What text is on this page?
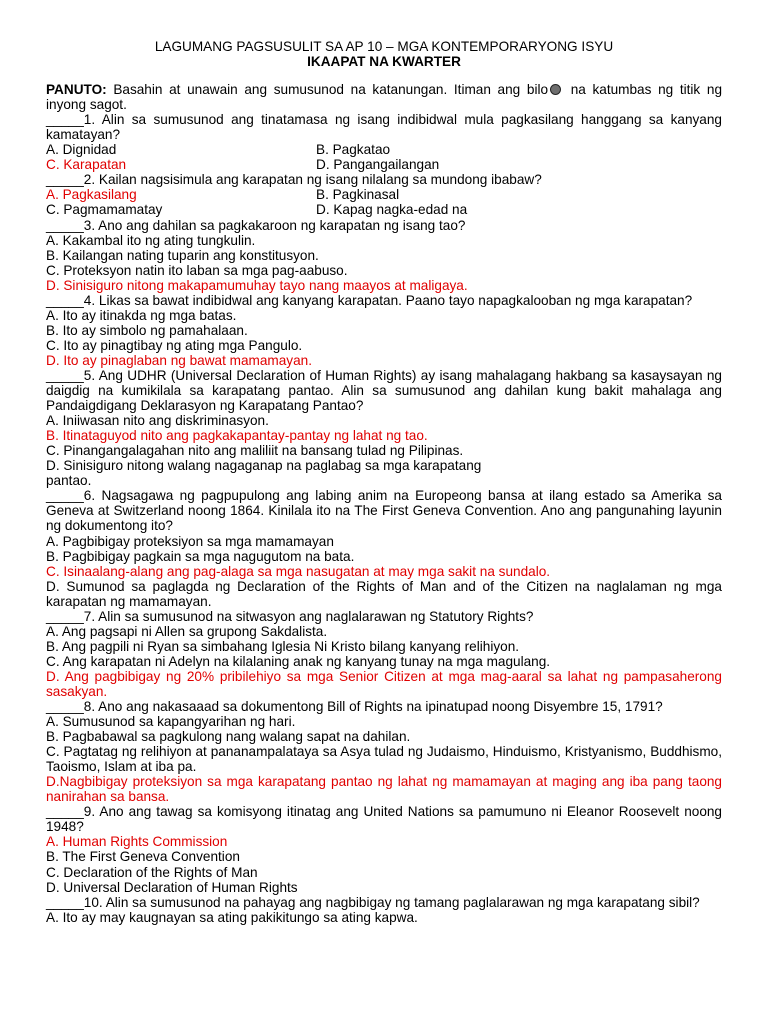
LAGUMANG PAGSUSULIT SA AP 10 – MGA KONTEMPORARYONG ISYU
IKAAPAT NA KWARTER
PANUTO: Basahin at unawain ang sumusunod na katanungan. Itiman ang bilo na katumbas ng titik ng inyong sagot.
_____1. Alin sa sumusunod ang tinatamasa ng isang indibidwal mula pagkasilang hanggang sa kanyang kamatayan?
A. Dignidad	B. Pagkatao
C. Karapatan	D. Pangangailangan
_____2. Kailan nagsisimula ang karapatan ng isang nilalang sa mundong ibabaw?
A. Pagkasilang	B. Pagkinasal
C. Pagmamamatay	D. Kapag nagka-edad na
_____3. Ano ang dahilan sa pagkakaroon ng karapatan ng isang tao?
A. Kakambal ito ng ating tungkulin.
B. Kailangan nating tuparin ang konstitusyon.
C. Proteksyon natin ito laban sa mga pag-aabuso.
D. Sinisiguro nitong makapamumuhay tayo nang maayos at maligaya.
_____4. Likas sa bawat indibidwal ang kanyang karapatan. Paano tayo napagkalooban ng mga karapatan?
A. Ito ay itinakda ng mga batas.
B. Ito ay simbolo ng pamahalaan.
C. Ito ay pinagtibay ng ating mga Pangulo.
D. Ito ay pinaglaban ng bawat mamamayan.
_____5. Ang UDHR (Universal Declaration of Human Rights) ay isang mahalagang hakbang sa kasaysayan ng daigdig na kumikilala sa karapatang pantao. Alin sa sumusunod ang dahilan kung bakit mahalaga ang Pandaigdigang Deklarasyon ng Karapatang Pantao?
A. Iniiwasan nito ang diskriminasyon.
B. Itinataguyod nito ang pagkakapantay-pantay ng lahat ng tao.
C. Pinangangalagahan nito ang maliliit na bansang tulad ng Pilipinas.
D. Sinisiguro nitong walang nagaganap na paglabag sa mga karapatang
pantao.
_____6. Nagsagawa ng pagpupulong ang labing anim na Europeong bansa at ilang estado sa Amerika sa Geneva at Switzerland noong 1864. Kinilala ito na The First Geneva Convention. Ano ang pangunahing layunin ng dokumentong ito?
A. Pagbibigay proteksiyon sa mga mamamayan
B. Pagbibigay pagkain sa mga nagugutom na bata.
C. Isinaalang-alang ang pag-alaga sa mga nasugatan at may mga sakit na sundalo.
D. Sumunod sa paglagda ng Declaration of the Rights of Man and of the Citizen na naglalaman ng mga karapatan ng mamamayan.
_____7. Alin sa sumusunod na sitwasyon ang naglalarawan ng Statutory Rights?
A. Ang pagsapi ni Allen sa grupong Sakdalista.
B. Ang pagpili ni Ryan sa simbahang Iglesia Ni Kristo bilang kanyang relihiyon.
C. Ang karapatan ni Adelyn na kilalaning anak ng kanyang tunay na mga magulang.
D. Ang pagbibigay ng 20% pribilehiyo sa mga Senior Citizen at mga mag-aaral sa lahat ng pampasaherong sasakyan.
_____8. Ano ang nakasaaad sa dokumentong Bill of Rights na ipinatupad noong Disyembre 15, 1791?
A. Sumusunod sa kapangyarihan ng hari.
B. Pagbabawal sa pagkulong nang walang sapat na dahilan.
C. Pagtatag ng relihiyon at pananampalataya sa Asya tulad ng Judaismo, Hinduismo, Kristyanismo, Buddhismo, Taoismo, Islam at iba pa.
D.Nagbibigay proteksiyon sa mga karapatang pantao ng lahat ng mamamayan at maging ang iba pang taong nanirahan sa bansa.
_____9. Ano ang tawag sa komisyong itinatag ang United Nations sa pamumuno ni Eleanor Roosevelt noong 1948?
A. Human Rights Commission
B. The First Geneva Convention
C. Declaration of the Rights of Man
D. Universal Declaration of Human Rights
_____10. Alin sa sumusunod na pahayag ang nagbibigay ng tamang paglalarawan ng mga karapatang sibil?
A. Ito ay may kaugnayan sa ating pakikitungo sa ating kapwa.
